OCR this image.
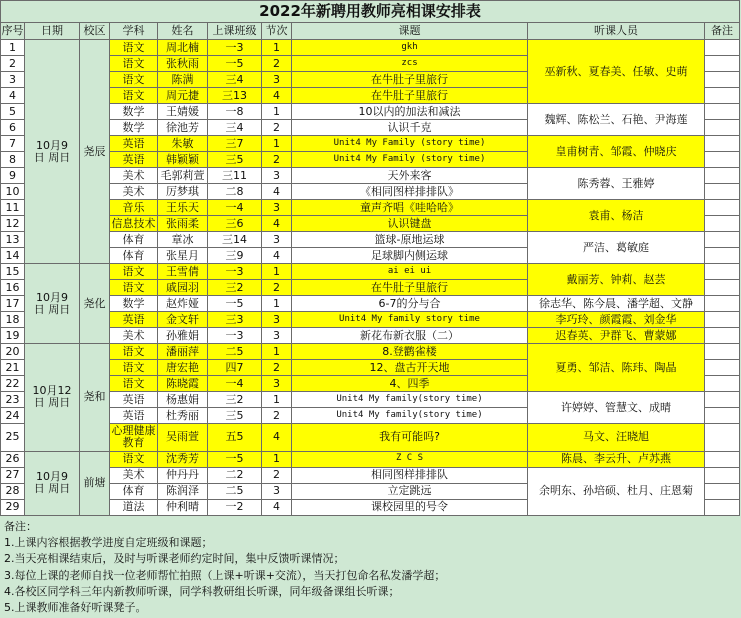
2022年新聘用教师亮相课安排表									
序号	日期	校区	学科	姓名	上课班级	节次	课题	听课人员	备注
1	10月9日 周日	尧辰	语文	周北楠	一3	1	gkh	巫新秋、夏春美、任敏、史萌	
2			语文	张秋雨	一5	2	zcs		
3			语文	陈满	三4	3	在牛肚子里旅行		
4			语文	周元捷	三13	4	在牛肚子里旅行		
5			数学	王婧媛	一8	1	10以内的加法和减法	魏辉、陈松兰、石艳、尹海莲	
6			数学	徐池芳	三4	2	认识千克		
7			英语	朱敏	三7	1	Unit4 My Family (story time)	皇甫树青、邹霞、仲晓庆	
8			英语	韩颖颖	三5	2	Unit4 My Family (story time)		
9			美术	毛郭莉萱	三11	3	天外来客	陈秀蓉、王雅婷	
10			美术	厉梦琪	二8	4	《相同图样排排队》		
11			音乐	王乐天	一4	3	童声齐唱《哇哈哈》	袁甫、杨洁	
12			信息技术	张雨柔	三6	4	认识键盘		
13			体育	章冰	三14	3	篮球-原地运球	严洁、葛敏庭	
14			体育	张星月	三9	4	足球脚内侧运球		
15	10月9日 周日	尧化	语文	王雪倩	一3	1	ai ei ui	戴丽芳、钟莉、赵芸	
16			语文	戚园羽	三2	2	在牛肚子里旅行		
17			数学	赵炸娅	一5	1	6-7的分与合	徐志华、陈今晨、潘学超、文静	
18			英语	金文轩	三3	3	Unit4 My family story time	李巧玲、颜霞霞、刘金华	
19			美术	孙雅娟	一3	3	新花布新衣服（二）	迟春英、尹群飞、曹蒙娜	
20	10月12日 周日	尧和	语文	潘丽萍	二5	1	8.登鹳雀楼	夏勇、邹洁、陈玮、陶晶	
21			语文	唐宏艳	四7	2	12、盘古开天地		
22			语文	陈晓霞	一4	3	4、四季		
23			英语	杨惠娟	三2	1	Unit4 My family(story time)	许婷婷、管慧文、成晴	
24			英语	杜秀丽	三5	2	Unit4 My family(story time)		
25			心理健康教育	吴雨萱	五5	4	我有可能吗?	马文、汪晓旭	
26	10月9日 周日	前塘	语文	沈秀芳	一5	1	Z C S	陈晨、李云升、卢苏燕	
27			美术	仲丹丹	二2	2	相同图样排排队	余明东、孙培硕、杜月、庄恩菊	
28			体育	陈润泽	二5	3	立定跳远		
29			道法	仲利晴	一2	4	课校园里的号令		
备注：
1.上课内容根据教学进度自定班级和课题；
2.当天亮相课结束后，及时与听课老师约定时间，集中反馈听课情况；
3.每位上课的老师自找一位老师帮忙拍照（上课+听课+交流），当天打包命名私发潘学超；
4.各校区同学科三年内新教师听课，同学科教研组长听课，同年级备课组长听课；
5.上课教师准备好听课凳子。
